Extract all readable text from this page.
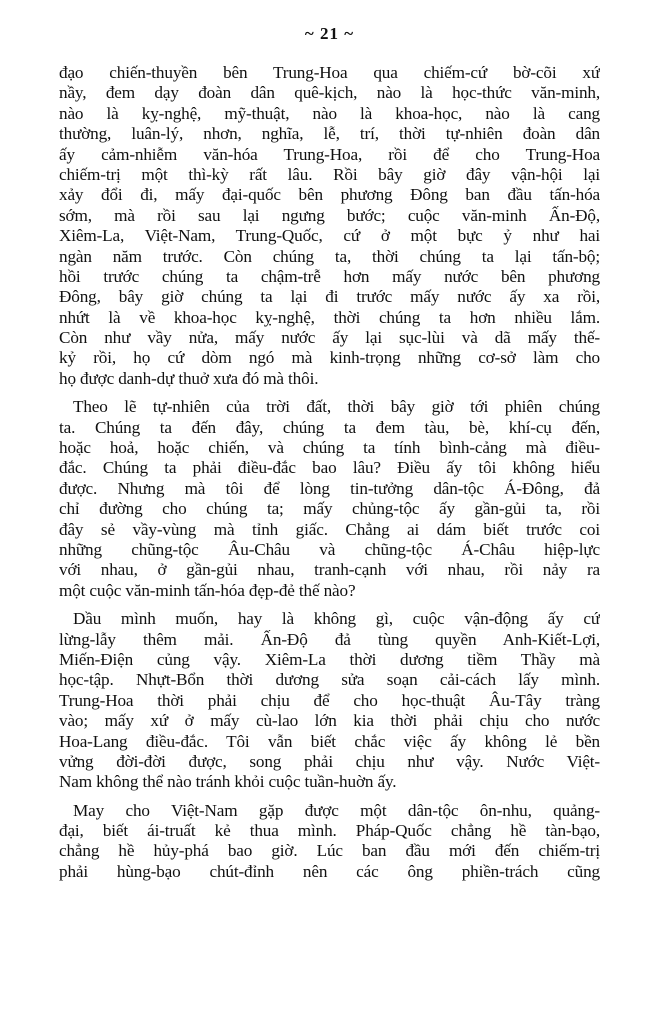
~ 21 ~
đạo chiến-thuyền bên Trung-Hoa qua chiếm-cứ bờ-cõi xứ
nầy, đem dạy đoàn dân quê-kịch, nào là học-thức văn-minh,
nào là kỵ-nghệ, mỹ-thuật, nào là khoa-học, nào là cang
thường, luân-lý, nhơn, nghĩa, lễ, trí, thời tự-nhiên đoàn dân
ấy cảm-nhiễm văn-hóa Trung-Hoa, rồi để cho Trung-Hoa
chiếm-trị một thì-kỳ rất lâu. Rồi bây giờ đây vận-hội lại
xảy đổi đi, mấy đại-quốc bên phương Đông ban đầu tấn-hóa
sớm, mà rồi sau lại ngưng bước; cuộc văn-minh Ấn-Độ,
Xiêm-La, Việt-Nam, Trung-Quốc, cứ ở một bực ỷ như hai
ngàn năm trước. Còn chúng ta, thời chúng ta lại tấn-bộ;
hồi trước chúng ta chậm-trễ hơn mấy nước bên phương
Đông, bây giờ chúng ta lại đi trước mấy nước ấy xa rồi,
nhứt là về khoa-học kỵ-nghệ, thời chúng ta hơn nhiều lắm.
Còn như vầy nửa, mấy nước ấy lại sục-lùi và dã mấy thế-
kỷ rồi, họ cứ dòm ngó mà kinh-trọng những cơ-sở làm cho
họ được danh-dự thuở xưa đó mà thôi.
Theo lẽ tự-nhiên của trời đất, thời bây giờ tới phiên chúng
ta. Chúng ta đến đây, chúng ta đem tàu, bè, khí-cụ đến,
hoặc hoả, hoặc chiến, và chúng ta tính bình-cảng mà điều-
đắc. Chúng ta phải điều-đắc bao lâu? Điều ấy tôi không hiểu
được. Nhưng mà tôi để lòng tin-tưởng dân-tộc Á-Đông, đả
chỉ đường cho chúng ta; mấy chủng-tộc ấy gần-gủi ta, rồi
đây sẻ vầy-vùng mà tỉnh giấc. Chẳng ai dám biết trước coi
những chũng-tộc Âu-Châu và chũng-tộc Á-Châu hiệp-lực
với nhau, ở gần-gủi nhau, tranh-cạnh với nhau, rồi nảy ra
một cuộc văn-minh tấn-hóa đẹp-đẻ thế nào?
Dầu mình muốn, hay là không gì, cuộc vận-động ấy cứ
lừng-lẫy thêm mải. Ấn-Độ đả tùng quyền Anh-Kiết-Lợi,
Miến-Điện củng vậy. Xiêm-La thời dương tiềm Thầy mà
học-tập. Nhựt-Bổn thời dương sửa soạn cải-cách lấy mình.
Trung-Hoa thời phải chịu để cho học-thuật Âu-Tây tràng
vào; mấy xứ ở mấy cù-lao lớn kia thời phải chịu cho nước
Hoa-Lang điều-đắc. Tôi vẫn biết chắc việc ấy không lẻ bền
vửng đời-đời được, song phải chịu như vậy. Nước Việt-
Nam không thể nào tránh khỏi cuộc tuần-huờn ấy.
May cho Việt-Nam gặp được một dân-tộc ôn-nhu, quảng-
đại, biết ái-truất kẻ thua mình. Pháp-Quốc chẳng hề tàn-bạo,
chẳng hề hủy-phá bao giờ. Lúc ban đầu mới đến chiếm-trị
phải hùng-bạo chút-đỉnh nên các ông phiền-trách cũng
